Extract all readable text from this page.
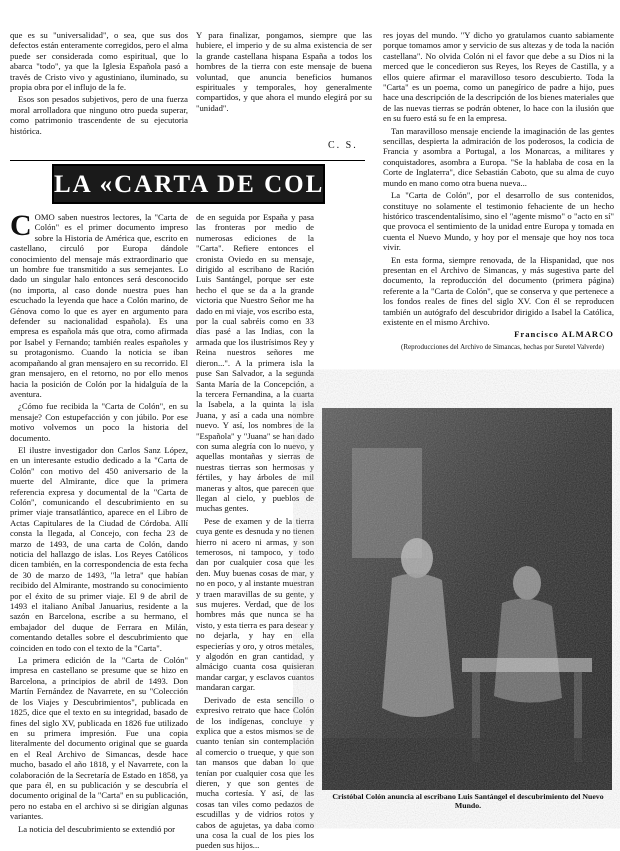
que es su "universalidad", o sea, que sus dos defectos están enteramente corregidos, pero el alma puede ser considerada como espiritual, que lo abarca "todo", ya que la Iglesia Española pasó a través de Cristo vivo y agustiniano, iluminado, su propia obra por el influjo de la fe.

Esos son pesados subjetivos, pero de una fuerza moral arrolladora que ninguno otro pueda superar, como patrimonio trascendente de su ejecutoria histórica.

Y para finalizar, pongamos, siempre que las hubiere, el imperio y de su alma existencia de ser la grande castellana hispana España a todos los hombres de la tierra con este mensaje de buena voluntad, que anuncia beneficios humanos espirituales y temporales, hoy generalmente compartidos, y que ahora el mundo elegirá por su "unidad".

C. S.
LA «CARTA DE COLÓN»

res joyas del mundo. "Y dicho yo gratulamos cuanto sabiamente porque tomamos amor y servicio de sus altezas y de toda la nación castellana". No olvida Colón ni el favor que debe a su Dios ni la merced que le concedieron sus Reyes, los Reyes de Castilla, y a ellos quiere afirmar el maravilloso tesoro descubierto. Toda la "Carta" es un poema, como un panegírico de padre a hijo, pues hace una descripción de la descripción de los bienes materiales que de las nuevas tierras se podrán obtener, lo hace con la ilusión que en su fuero está su fe en la empresa.

Tan maravilloso mensaje enciende la imaginación de las gentes sencillas, despierta la admiración de los poderosos, la codicia de Francia y asombra a Portugal, a los Monarcas, a militares y conquistadores, asombra a Europa. "Se la hablaba de cosa en la Corte de Inglaterra", dice Sebastián Caboto, que su alma de cuyo mundo en mano como otra buena nueva...

La "Carta de Colón", por el desarrollo de sus contenidos, constituye no solamente el testimonio fehaciente de un hecho histórico trascendentalísimo, sino el "agente mismo" o "acto en sí" que provoca el sentimiento de la unidad entre Europa y tomada en cuenta el Nuevo Mundo, y hoy por el mensaje que hoy nos toca vivir.

En esta forma, siempre renovada, de la Hispanidad, que nos presentan en el Archivo de Simancas, y más sugestiva parte del documento, la reproducción del documento (primera página) referente a la "Carta de Colón", que se conserva y que pertenece a los fondos reales de fines del siglo XV. Con él se reproducen también un autógrafo del descubridor dirigido a Isabel la Católica, existente en el mismo Archivo.

Francisco ALMARCO

(Reproducciones del Archivo de Simancas, hechas por Suretel Valverde)

COMO saben nuestros lectores, la "Carta de Colón" es el primer documento impreso sobre la Historia de América que, escrito en castellano, circuló por Europa dándole conocimiento del mensaje más extraordinario que un hombre fue transmitido a sus semejantes. Lo dado un singular halo entonces será desconocido (no importa, al caso donde nuestra pues han escuchado la leyenda que hace a Colón marino, de Génova como lo que es ayer en argumento para defender su nacionalidad española). Es una empresa es española más que otra, como afirmada por Isabel y Fernando; también reales españoles y su protagonismo. Cuando la noticia se iban acompañando al gran mensajero en su recorrido. El gran mensajero, en el retorno, no por ello menos hacia la posición de Colón por la hidalguía de la aventura.

¿Cómo fue recibida la "Carta de Colón", en su mensaje? Con estupefacción y con júbilo. Por ese motivo volvemos un poco la historia del documento.

El ilustre investigador don Carlos Sanz López, en un interesante estudio dedicado a la "Carta de Colón" con motivo del 450 aniversario de la muerte del Almirante, dice que la primera referencia expresa y documental de la "Carta de Colón", comunicando el descubrimiento en su primer viaje transatlántico, aparece en el Libro de Actas Capitulares de la Ciudad de Córdoba. Allí consta la llegada, al Concejo, con fecha 23 de marzo de 1493, de una carta de Colón, dando noticia del hallazgo de islas. Los Reyes Católicos dicen también, en la correspondencia de esta fecha de 30 de marzo de 1493, "la letra" que habían recibido del Almirante, mostrando su conocimiento por el éxito de su primer viaje. El 9 de abril de 1493 el italiano Aníbal Januarius, residente a la sazón en Barcelona, escribe a su hermano, el embajador del duque de Ferrara en Milán, comentando detalles sobre el descubrimiento que coinciden en todo con el texto de la "Carta".

La primera edición de la "Carta de Colón" impresa en castellano se presume que se hizo en Barcelona, a principios de abril de 1493. Don Martín Fernández de Navarrete, en su "Colección de los Viajes y Descubrimientos", publicada en 1825, dice que el texto en su integridad, basado de fines del siglo XV, publicada en 1826 fue utilizado en su primera impresión. Fue una copia literalmente del documento original que se guarda en el Real Archivo de Simancas, desde hace mucho, basado el año 1818, y el Navarrete, con la colaboración de la Secretaría de Estado en 1858, ya que para él, en su publicación y se descubría el documento original de la "Carta" en su publicación, pero no estaba en el archivo si se dirigían algunas variantes.

La noticia del descubrimiento se extendió por

de en seguida por España y pasa las fronteras por medio de numerosas ediciones de la "Carta". Refiere entonces el cronista Oviedo en su mensaje, dirigido al escribano de Ración Luis Santángel, porque ser este hecho el que se da a la grande victoria que Nuestro Señor me ha dado en mi viaje, vos escribo esta, por la cual sabréis como en 33 días pasé a las Indias, con la armada que los ilustrísimos Rey y Reina nuestros señores me dieron...". A la primera isla la puse San Salvador, a la segunda Santa María de la Concepción, a la tercera Fernandina, a la cuarta la Isabela, a la quinta la isla Juana, y así a cada una nombre nuevo. Y así, los nombres de la "Española" y "Juana" se han dado con suma alegría con lo nuevo, y aquellas montañas y sierras de nuestras tierras son hermosas y fértiles, y hay árboles de mil maneras y altos, que parecen que llegan al cielo, y pueblos de muchas gentes.

Pese de examen y de la tierra cuya gente es desnuda y no tienen hierro ni acero ni armas, y son temerosos, ni tampoco, y todo dan por cualquier cosa que les den. Muy buenas cosas de mar, y no en poco, y al instante muestran y traen maravillas de su gente, y sus mujeres. Verdad, que de los hombres más que nunca se ha visto, y esta tierra es para desear y no dejarla, y hay en ella especierías y oro, y otros metales, y algodón en gran cantidad, y almácigo cuanta cosa quisieran mandar cargar, y esclavos cuantos mandaran cargar.

Derivado de esta sencillo o expresivo retrato que hace Colón de los indígenas, concluye y explica que a estos mismos se de cuanto tenían sin contemplación al comercio o trueque, y que son tan mansos que daban lo que tenían por cualquier cosa que les dieren, y que son gentes de mucha cortesía. Y así, de las cosas tan viles como pedazos de escudillas y de vidrios rotos y cabos de agujetas, ya daba como una cosa la cual de los pies los pueden sus hijos...

Cristóbal Colón anuncia al escribano Luis Santángel el descubrimiento del Nuevo Mundo.
